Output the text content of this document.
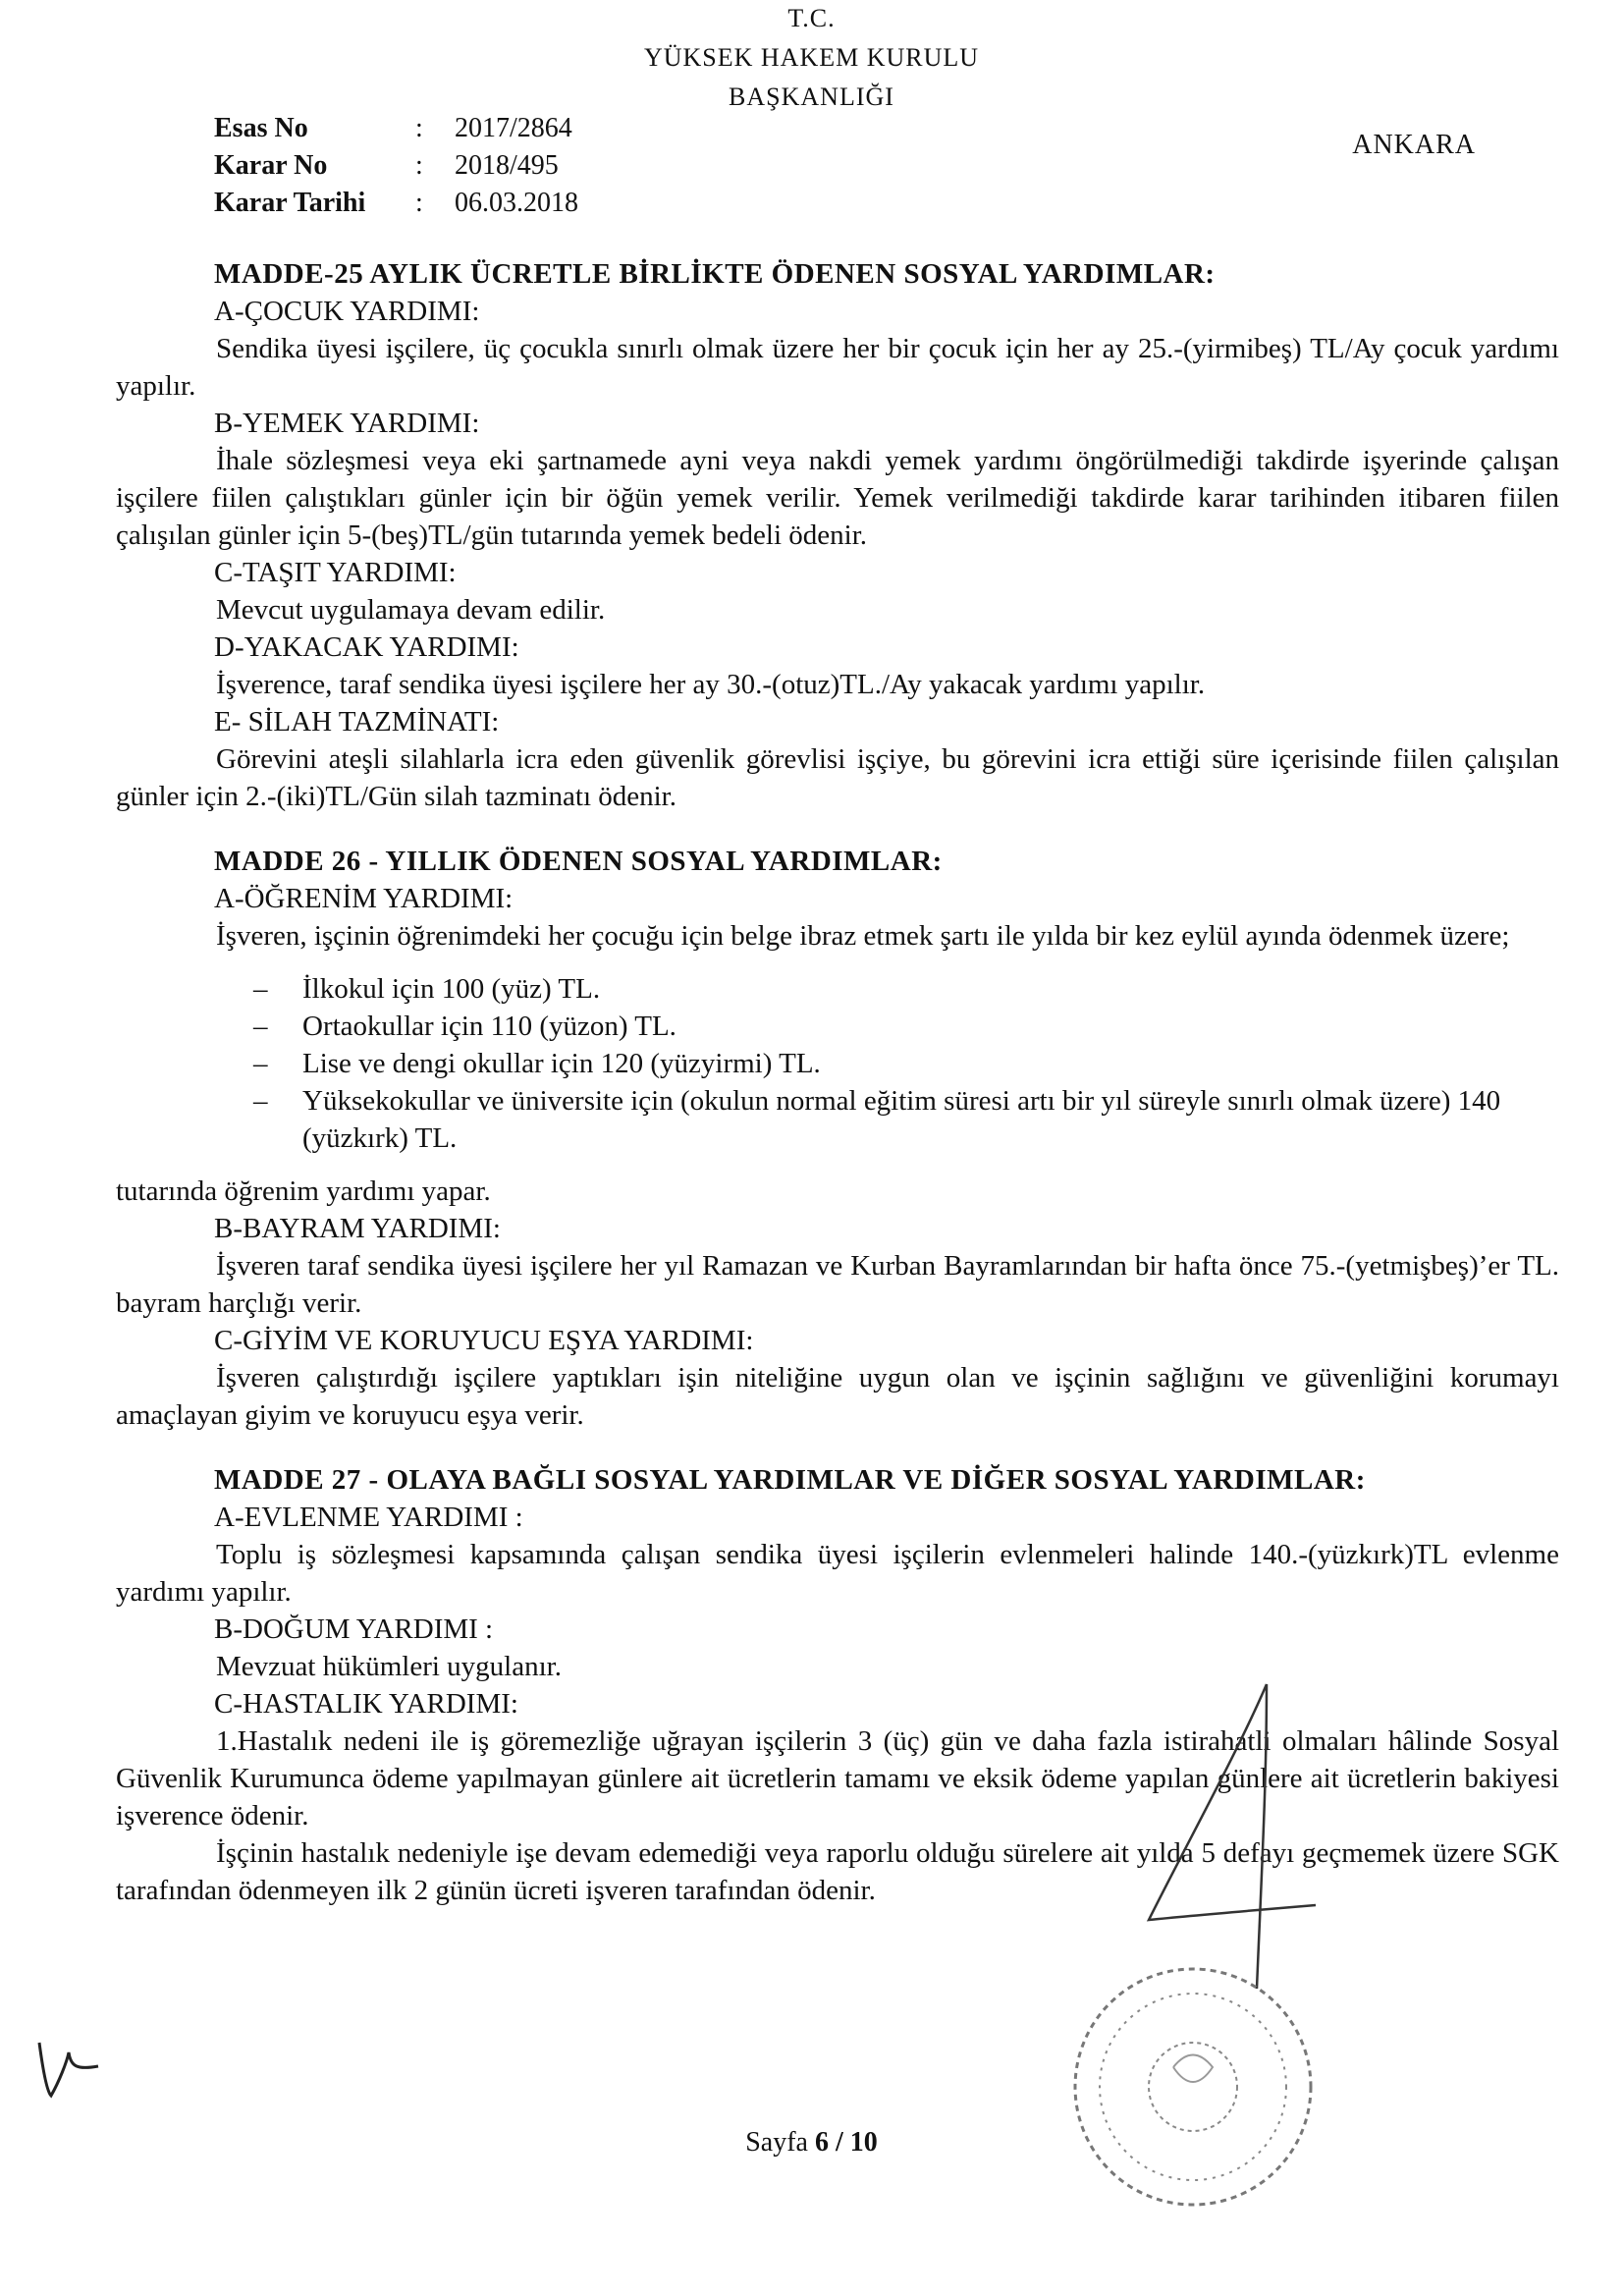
T.C.
YÜKSEK HAKEM KURULU
BAŞKANLIĞI
Esas No	:	2017/2864
Karar No	:	2018/495
Karar Tarihi	:	06.03.2018
ANKARA
MADDE-25 AYLIK ÜCRETLE BİRLİKTE ÖDENEN SOSYAL YARDIMLAR:
A-ÇOCUK YARDIMI:
Sendika üyesi işçilere, üç çocukla sınırlı olmak üzere her bir çocuk için her ay 25.-(yirmibeş) TL/Ay çocuk yardımı yapılır.
B-YEMEK YARDIMI:
İhale sözleşmesi veya eki şartnamede ayni veya nakdi yemek yardımı öngörülmediği takdirde işyerinde çalışan işçilere fiilen çalıştıkları günler için bir öğün yemek verilir. Yemek verilmediği takdirde karar tarihinden itibaren fiilen çalışılan günler için 5-(beş)TL/gün tutarında yemek bedeli ödenir.
C-TAŞIT YARDIMI:
Mevcut uygulamaya devam edilir.
D-YAKACAK YARDIMI:
İşverence, taraf sendika üyesi işçilere her ay 30.-(otuz)TL./Ay yakacak yardımı yapılır.
E- SİLAH TAZMİNATI:
Görevini ateşli silahlarla icra eden güvenlik görevlisi işçiye, bu görevini icra ettiği süre içerisinde fiilen çalışılan günler için 2.-(iki)TL/Gün silah tazminatı ödenir.
MADDE 26 - YILLIK ÖDENEN SOSYAL YARDIMLAR:
A-ÖĞRENİM YARDIMI:
İşveren, işçinin öğrenimdeki her çocuğu için belge ibraz etmek şartı ile yılda bir kez eylül ayında ödenmek üzere;
–	İlkokul için 100 (yüz) TL.
–	Ortaokullar için 110 (yüzon) TL.
–	Lise ve dengi okullar için 120 (yüzyirmi) TL.
–	Yüksekokullar ve üniversite için (okulun normal eğitim süresi artı bir yıl süreyle sınırlı olmak üzere) 140 (yüzkırk) TL.
tutarında öğrenim yardımı yapar.
B-BAYRAM YARDIMI:
İşveren taraf sendika üyesi işçilere her yıl Ramazan ve Kurban Bayramlarından bir hafta önce 75.-(yetmişbeş)’er TL. bayram harçlığı verir.
C-GİYİM VE KORUYUCU EŞYA YARDIMI:
İşveren çalıştırdığı işçilere yaptıkları işin niteliğine uygun olan ve işçinin sağlığını ve güvenliğini korumayı amaçlayan giyim ve koruyucu eşya verir.
MADDE 27 - OLAYA BAĞLI SOSYAL YARDIMLAR VE DİĞER SOSYAL YARDIMLAR:
A-EVLENME YARDIMI :
Toplu iş sözleşmesi kapsamında çalışan sendika üyesi işçilerin evlenmeleri halinde 140.-(yüzkırk)TL evlenme yardımı yapılır.
B-DOĞUM YARDIMI :
Mevzuat hükümleri uygulanır.
C-HASTALIK YARDIMI:
1.Hastalık nedeni ile iş göremezliğe uğrayan işçilerin 3 (üç) gün ve daha fazla istirahatli olmaları hâlinde Sosyal Güvenlik Kurumunca ödeme yapılmayan günlere ait ücretlerin tamamı ve eksik ödeme yapılan günlere ait ücretlerin bakiyesi işverence ödenir.
İşçinin hastalık nedeniyle işe devam edemediği veya raporlu olduğu sürelere ait yılda 5 defayı geçmemek üzere SGK tarafından ödenmeyen ilk 2 günün ücreti işveren tarafından ödenir.
Sayfa 6 / 10
